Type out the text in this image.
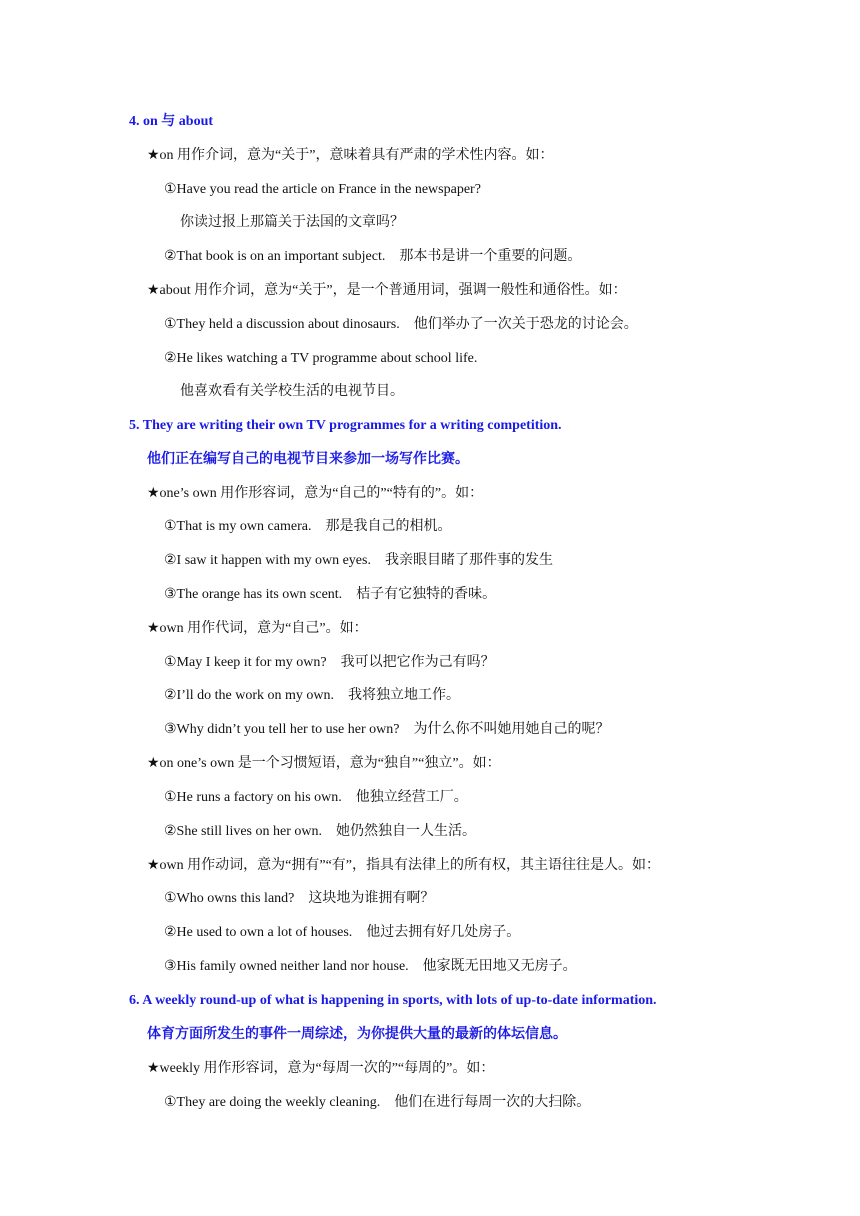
4. on 与 about
★on 用作介词，意为“关于”，意味着具有严肃的学术性内容。如：
①Have you read the article on France in the newspaper?
你读过报上那篇关于法国的文章吗？
②That book is on an important subject.　那本书是讲一个重要的问题。
★about 用作介词，意为“关于”，是一个普通用词，强调一般性和通俗性。如：
①They held a discussion about dinosaurs.　他们举办了一次关于恐龙的讨论会。
②He likes watching a TV programme about school life.
他喜欢看有关学校生活的电视节目。
5. They are writing their own TV programmes for a writing competition.
他们正在编写自己的电视节目来参加一场写作比赛。
★one’s own 用作形容词，意为“自己的”“特有的”。如：
①That is my own camera.　那是我自己的相机。
②I saw it happen with my own eyes.　我亲眼目睹了那件事的发生
③The orange has its own scent.　桔子有它独特的香味。
★own 用作代词，意为“自己”。如：
①May I keep it for my own?　我可以把它作为己有吗？
②I’ll do the work on my own.　我将独立地工作。
③Why didn’t you tell her to use her own?　为什么你不叫她用她自己的呢？
★on one’s own 是一个习惯短语，意为“独自”“独立”。如：
①He runs a factory on his own.　他独立经营工厂。
②She still lives on her own.　她仍然独自一人生活。
★own 用作动词，意为“拥有”“有”，指具有法律上的所有权，其主语往往是人。如：
①Who owns this land?　这块地为谁拥有啊？
②He used to own a lot of houses.　他过去拥有好几处房子。
③His family owned neither land nor house.　他家既无田地又无房子。
6. A weekly round-up of what is happening in sports, with lots of up-to-date information.
体育方面所发生的事件一周综述，为你提供大量的最新的体坛信息。
★weekly 用作形容词，意为“每周一次的”“每周的”。如：
①They are doing the weekly cleaning.　他们在进行每周一次的大扫除。
